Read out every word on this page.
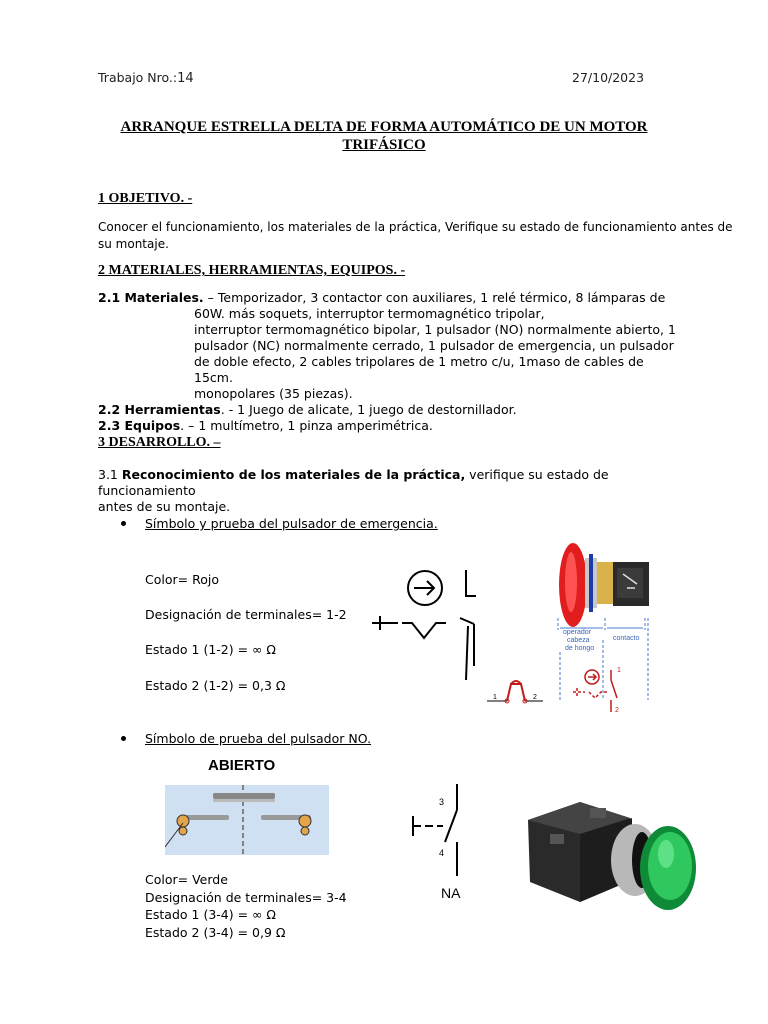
Trabajo Nro.:14	27/10/2023
ARRANQUE ESTRELLA DELTA DE FORMA AUTOMÁTICO DE UN MOTOR
TRIFÁSICO
1 OBJETIVO. -
Conocer el funcionamiento, los materiales de la práctica, Verifique su estado de funcionamiento antes de
su montaje.
2 MATERIALES, HERRAMIENTAS, EQUIPOS. -
2.1 Materiales. – Temporizador, 3 contactor con auxiliares, 1 relé térmico, 8 lámparas de
60W. más soquets, interruptor termomagnético tripolar,
interruptor termomagnético bipolar, 1 pulsador (NO) normalmente abierto, 1
pulsador (NC) normalmente cerrado, 1 pulsador de emergencia, un pulsador
de doble efecto, 2 cables tripolares de 1 metro c/u, 1maso de cables de 15cm.
monopolares (35 piezas).
2.2 Herramientas. - 1 Juego de alicate, 1 juego de destornillador.
2.3 Equipos. – 1 multímetro, 1 pinza amperimétrica.
3 DESARROLLO. –
3.1 Reconocimiento de los materiales de la práctica, verifique su estado de funcionamiento
antes de su montaje.
Símbolo y prueba del pulsador de emergencia.
Color= Rojo
Designación de terminales= 1-2
Estado 1 (1-2) = ∞ Ω
Estado 2 (1-2) = 0,3 Ω
operador
cabeza
de hongo
contacto
1	2
1
2
Símbolo de prueba del pulsador NO.
ABIERTO
3
4
NA
Color= Verde
Designación de terminales= 3-4
Estado 1 (3-4) = ∞ Ω
Estado 2 (3-4) = 0,9 Ω
